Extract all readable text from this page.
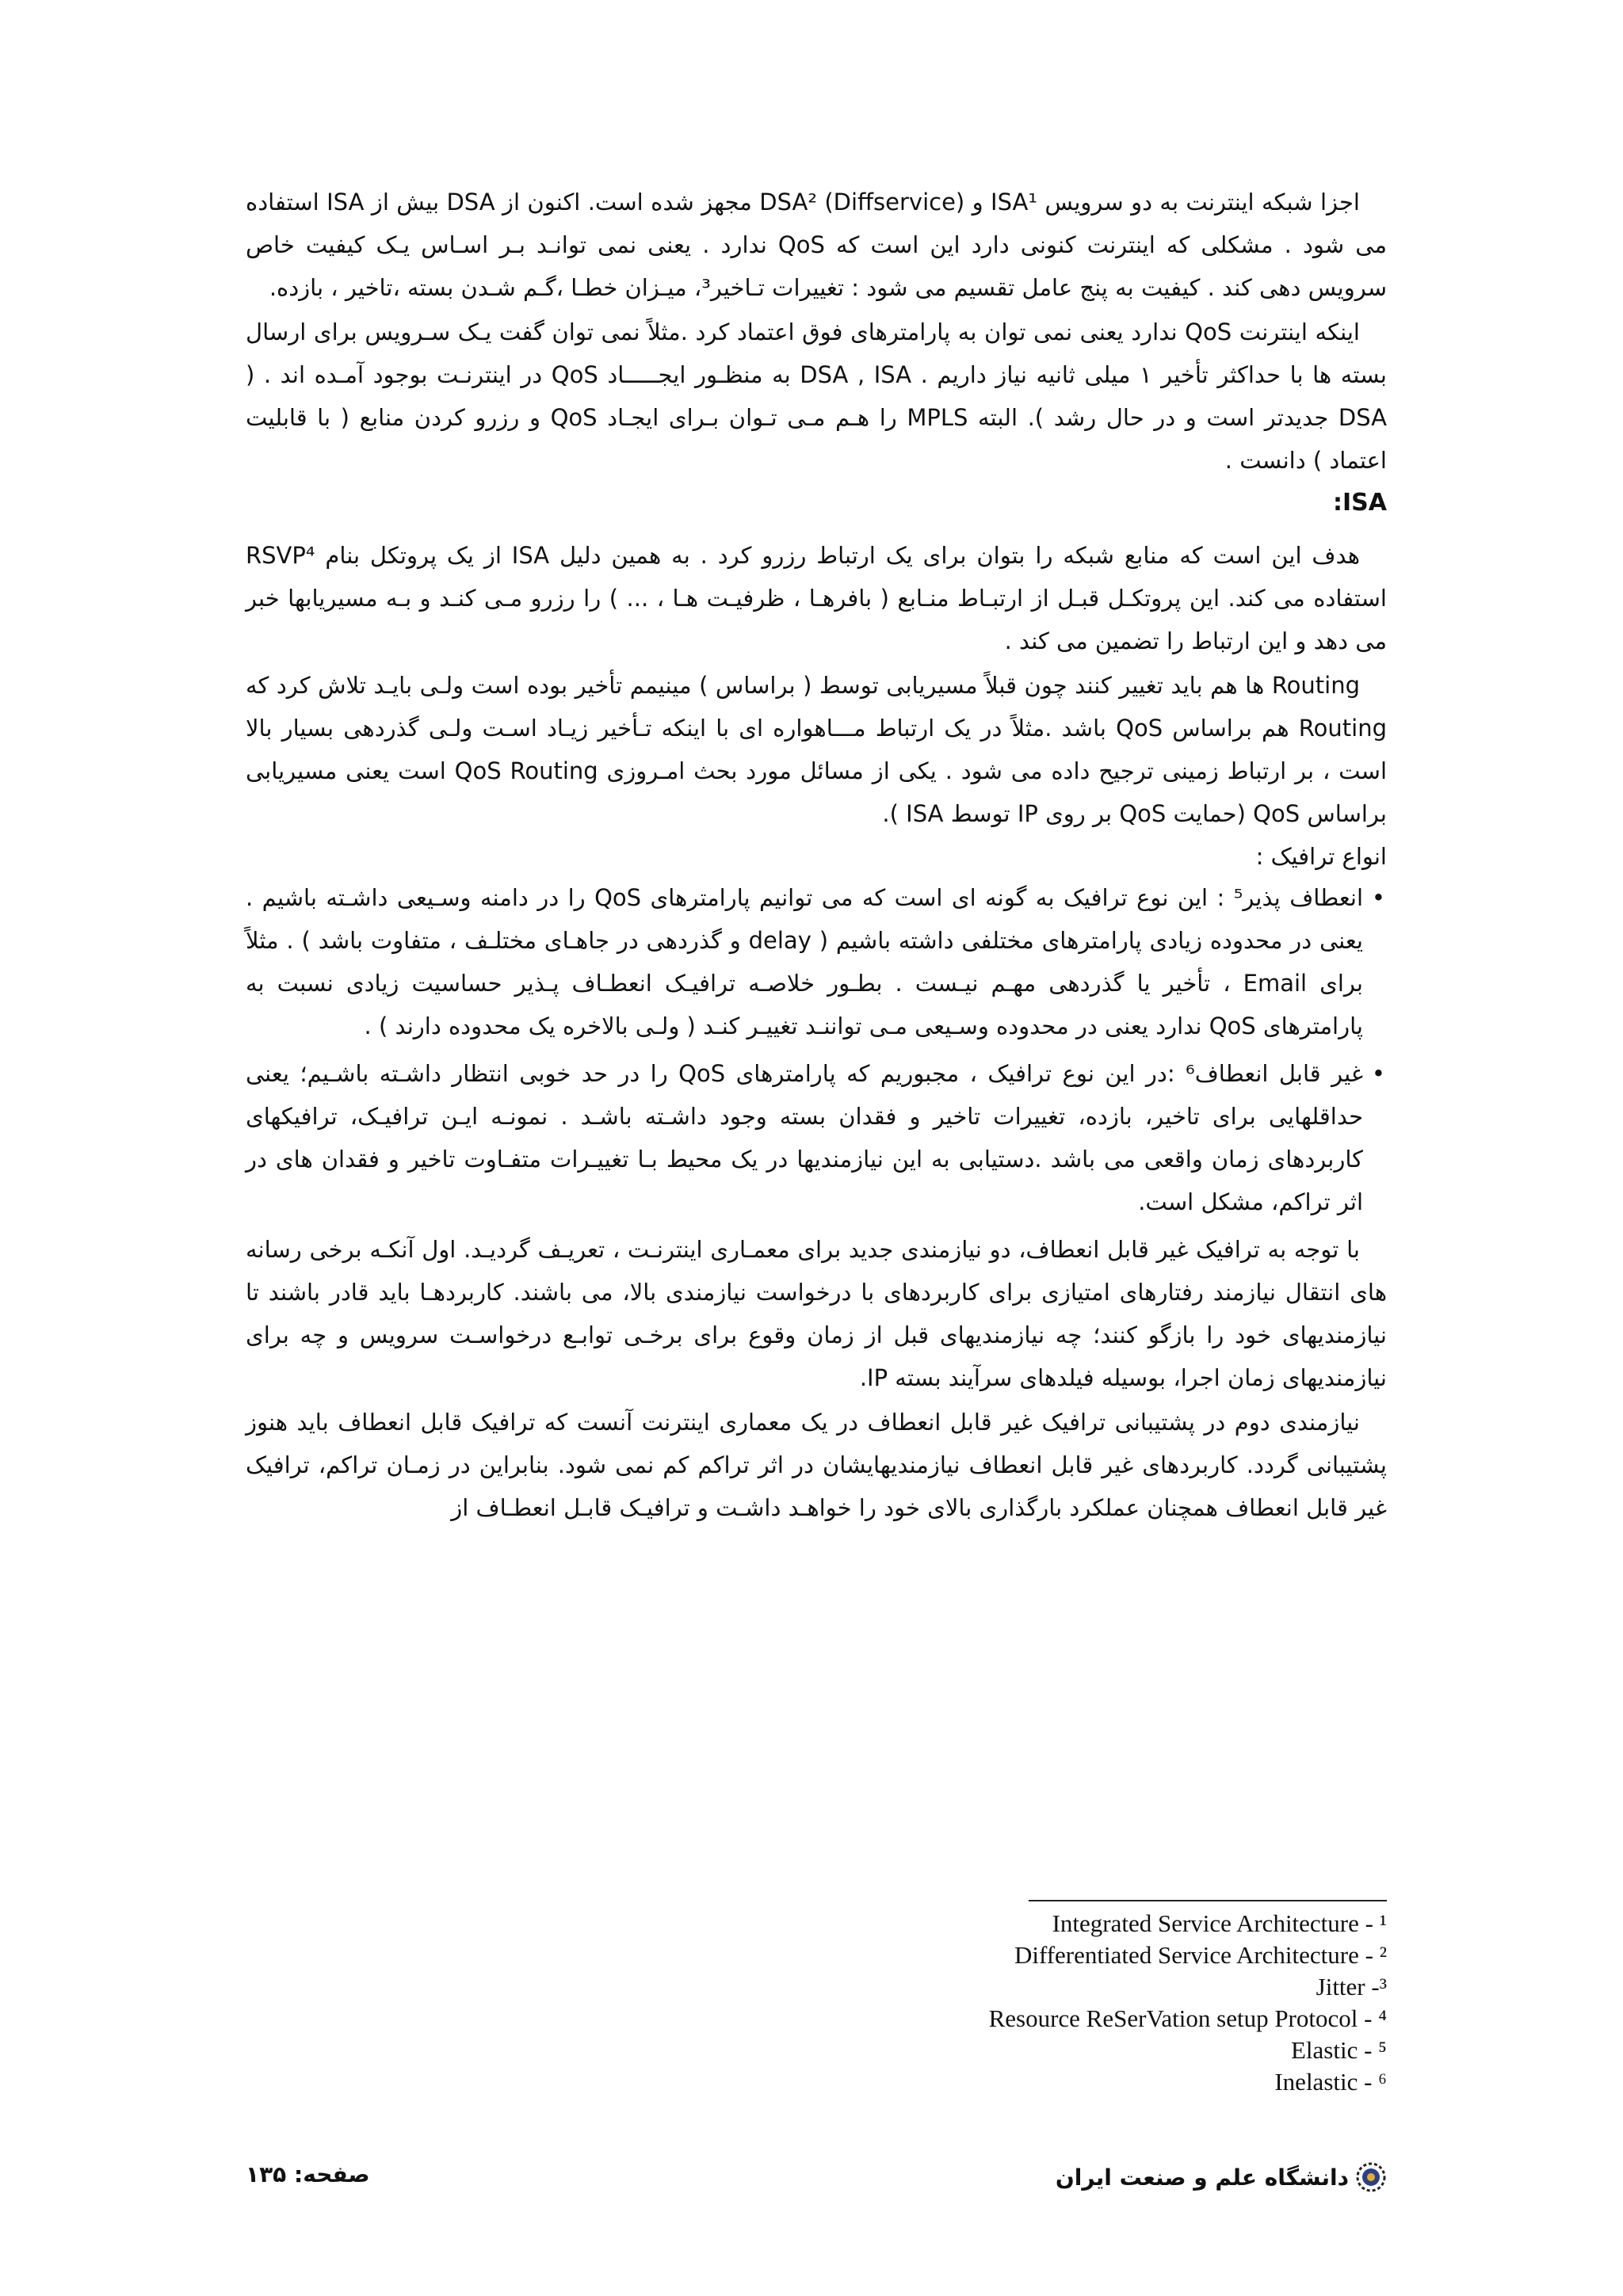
اجزا شبکه اینترنت به دو سرویس ISA¹ و DSA² (Diffservice) مجهز شده است. اکنون از DSA بیش از ISA استفاده می شود . مشکلی که اینترنت کنونی دارد این است که QoS ندارد . یعنی نمی توانـد بـر اسـاس یـک کیفیت خاص سرویس دهی کند . کیفیت به پنج عامل تقسیم می شود : تغییرات تـاخیر³، میـزان خطـا ،گـم شـدن بسته ،تاخیر ، بازده.

اینکه اینترنت QoS ندارد یعنی نمی توان به پارامترهای فوق اعتماد کرد .مثلاً نمی توان گفت یـک سـرویس برای ارسال بسته ها با حداکثر تأخیر ۱ میلی ثانیه نیاز داریم . DSA , ISA به منظـور ایجـــــاد QoS در اینترنـت بوجود آمـده اند . ( DSA جدیدتر است و در حال رشد ). البته MPLS را هـم مـی تـوان بـرای ایجـاد QoS و رزرو کردن منابع ( با قابلیت اعتماد ) دانست .

ISA:

هدف این است که منابع شبکه را بتوان برای یک ارتباط رزرو کرد . به همین دلیل ISA از یک پروتکل بنام RSVP⁴ استفاده می کند. این پروتکـل قبـل از ارتبـاط منـابع ( بافرهـا ، ظرفیـت هـا ، ... ) را رزرو مـی کنـد و بـه مسیریابها خبر می دهد و این ارتباط را تضمین می کند .

Routing ها هم باید تغییر کنند چون قبلاً مسیریابی توسط ( براساس ) مینیمم تأخیر بوده است ولـی بایـد تلاش کرد که Routing هم براساس QoS باشد .مثلاً در یک ارتباط مـــاهواره ای با اینکه تـأخیر زیـاد اسـت ولـی گذردهی بسیار بالا است ، بر ارتباط زمینی ترجیح داده می شود . یکی از مسائل مورد بحث امـروزی QoS Routing است یعنی مسیریابی براساس QoS (حمایت QoS بر روی IP توسط ISA ).

انواع ترافیک :

•
انعطاف پذیر⁵ : این نوع ترافیک به گونه ای است که می توانیم پارامترهای QoS را در دامنه وسـیعی داشـته باشیم . یعنی در محدوده زیادی پارامترهای مختلفی داشته باشیم ( delay و گذردهی در جاهـای مختلـف ، متفاوت باشد ) . مثلاً برای Email ، تأخیر یا گذردهی مهـم نیـست . بطـور خلاصـه ترافیـک انعطـاف پـذیر حساسیت زیادی نسبت به پارامترهای QoS ندارد یعنی در محدوده وسـیعی مـی تواننـد تغییـر کنـد ( ولـی بالاخره یک محدوده دارند ) .
•
غیر قابل انعطاف⁶ :در این نوع ترافیک ، مجبوریم که پارامترهای QoS را در حد خوبی انتظار داشـته باشـیم؛ یعنی حداقلهایی برای تاخیر، بازده، تغییرات تاخیر و فقدان بسته وجود داشـته باشـد . نمونـه ایـن ترافیـک، ترافیکهای کاربردهای زمان واقعی می باشد .دستیابی به این نیازمندیها در یک محیط بـا تغییـرات متفـاوت تاخیر و فقدان های در اثر تراکم، مشکل است.

با توجه به ترافیک غیر قابل انعطاف، دو نیازمندی جدید برای معمـاری اینترنـت ، تعریـف گردیـد. اول آنکـه برخی رسانه های انتقال نیازمند رفتارهای امتیازی برای کاربردهای با درخواست نیازمندی بالا، می باشند. کاربردهـا باید قادر باشند تا نیازمندیهای خود را بازگو کنند؛ چه نیازمندیهای قبل از زمان وقوع برای برخـی توابـع درخواسـت سرویس و چه برای نیازمندیهای زمان اجرا، بوسیله فیلدهای سرآیند بسته IP.

نیازمندی دوم در پشتیبانی ترافیک غیر قابل انعطاف در یک معماری اینترنت آنست که ترافیک قابل انعطاف باید هنوز پشتیبانی گردد. کاربردهای غیر قابل انعطاف نیازمندیهایشان در اثر تراکم کم نمی شود. بنابراین در زمـان تراکم، ترافیک غیر قابل انعطاف همچنان عملکرد بارگذاری بالای خود را خواهـد داشـت و ترافیـک قابـل انعطـاف از

Integrated Service Architecture - ¹

Differentiated Service Architecture - ²

Jitter -³

Resource ReSerVation setup Protocol - ⁴

Elastic - ⁵

Inelastic - ⁶

دانشگاه علم و صنعت ایران
صفحه: ۱۳۵
